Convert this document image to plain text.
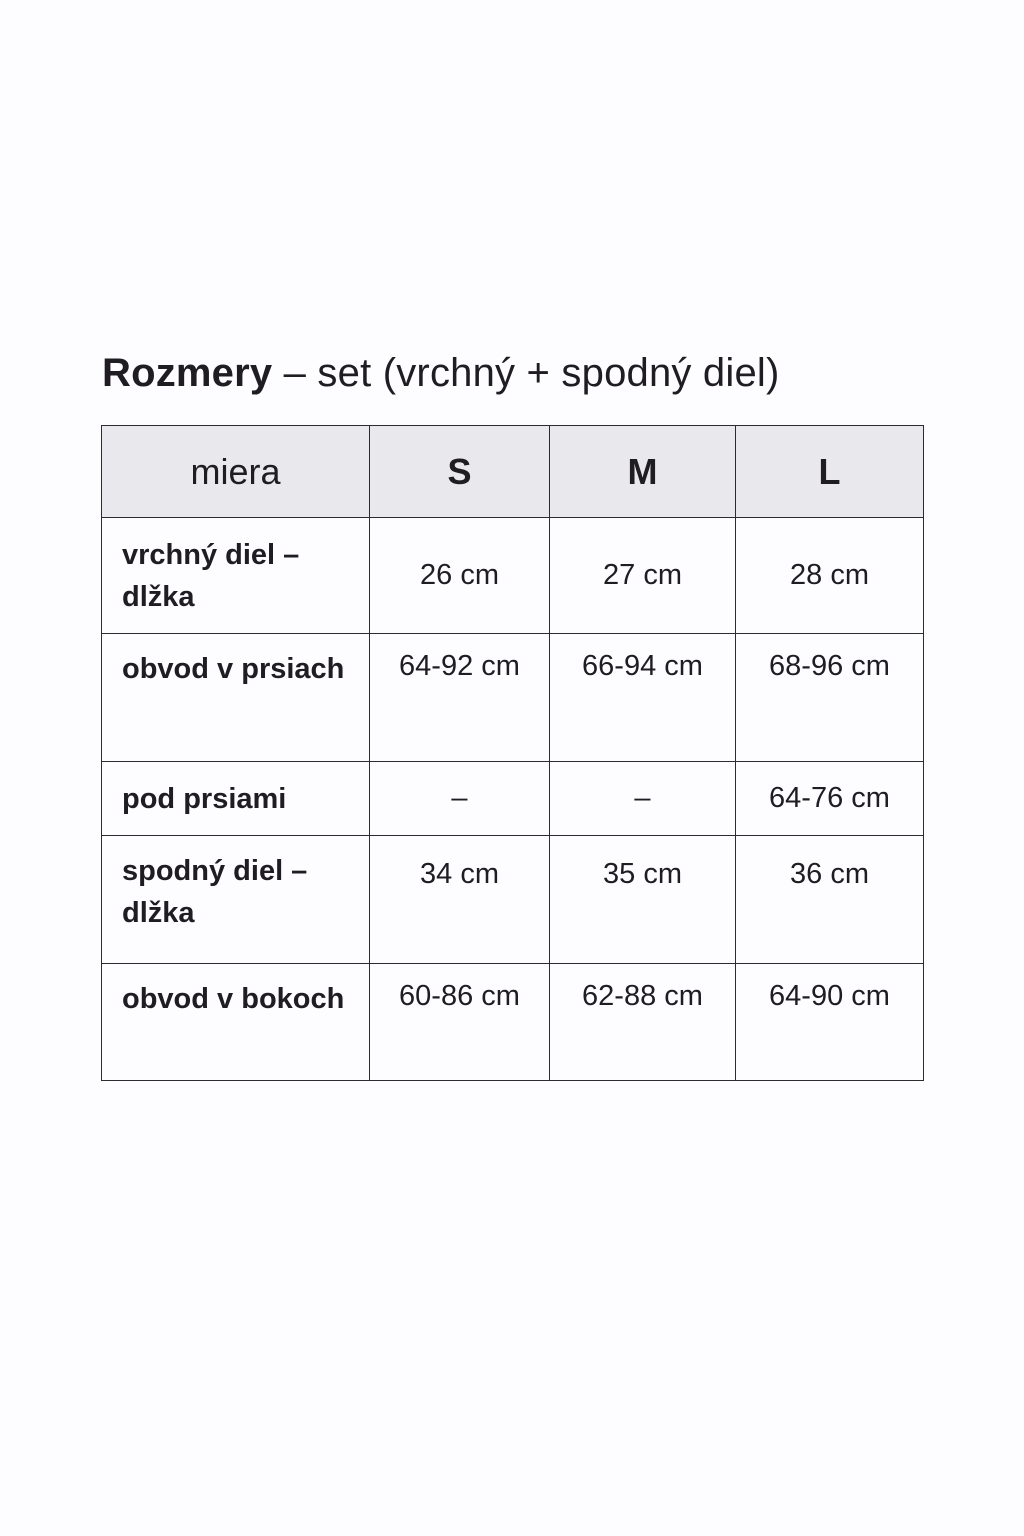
Rozmery – set (vrchný + spodný diel)
miera	S	M	L
vrchný diel – dlžka	26 cm	27 cm	28 cm
obvod v prsiach	64-92 cm	66-94 cm	68-96 cm
pod prsiami	–	–	64-76 cm
spodný diel – dlžka	34 cm	35 cm	36 cm
obvod v bokoch	60-86 cm	62-88 cm	64-90 cm
